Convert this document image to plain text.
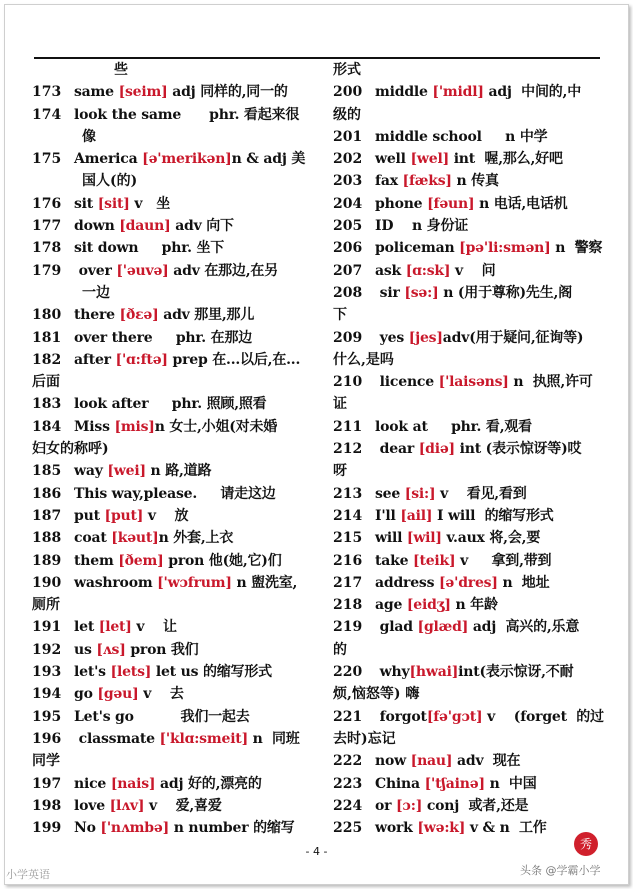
些
173 same [seim] adj 同样的,同一的
174 look the same      phr. 看起来很
像
175 America [ə'merikən]n & adj 美
国人(的)
176 sit [sit] v   坐
177 down [daun] adv 向下
178 sit down     phr. 坐下
179 over ['əuvə] adv 在那边,在另
一边
180 there [ðεə] adv 那里,那儿
181 over there     phr. 在那边
182 after ['ɑ:ftə] prep 在...以后,在...
后面
183 look after     phr. 照顾,照看
184 Miss [mis]n 女士,小姐(对未婚
妇女的称呼)
185 way [wei] n 路,道路
186 This way,please.     请走这边
187 put [put] v    放
188 coat [kəut]n 外套,上衣
189 them [ðem] pron 他(她,它)们
190 washroom ['wɔfrum] n 盥洗室,
厕所
191 let [let] v    让
192 us [ʌs] pron 我们
193 let's [lets] let us 的缩写形式
194 go [gəu] v    去
195 Let's go          我们一起去
196 classmate ['klɑ:smeit] n  同班
同学
197 nice [nais] adj 好的,漂亮的
198 love [lʌv] v    爱,喜爱
199 No ['nʌmbə] n number 的缩写
形式
200 middle ['midl] adj  中间的,中
级的
201 middle school     n 中学
202 well [wel] int  喔,那么,好吧
203 fax [fæks] n 传真
204 phone [fəun] n 电话,电话机
205 ID    n 身份证
206 policeman [pə'li:smən] n  警察
207 ask [ɑ:sk] v    问
208 sir [sə:] n (用于尊称)先生,阁
下
209 yes [jes]adv(用于疑问,征询等)
什么,是吗
210 licence ['laisəns] n  执照,许可
证
211 look at     phr. 看,观看
212 dear [diə] int (表示惊讶等)哎
呀
213 see [si:] v    看见,看到
214 I'll [ail] I will  的缩写形式
215 will [wil] v.aux 将,会,要
216 take [teik] v     拿到,带到
217 address [ə'dres] n  地址
218 age [eidʒ] n 年龄
219 glad [glæd] adj  高兴的,乐意
的
220 why[hwai]int(表示惊讶,不耐
烦,恼怒等) 嗨
221 forgot[fə'gɔt] v    (forget  的过
去时)忘记
222 now [nau] adv  现在
223 China ['tʃainə] n  中国
224 or [ɔ:] conj  或者,还是
225 work [wə:k] v & n  工作
- 4 -
小学英语
秀
头条 @学霸小学
